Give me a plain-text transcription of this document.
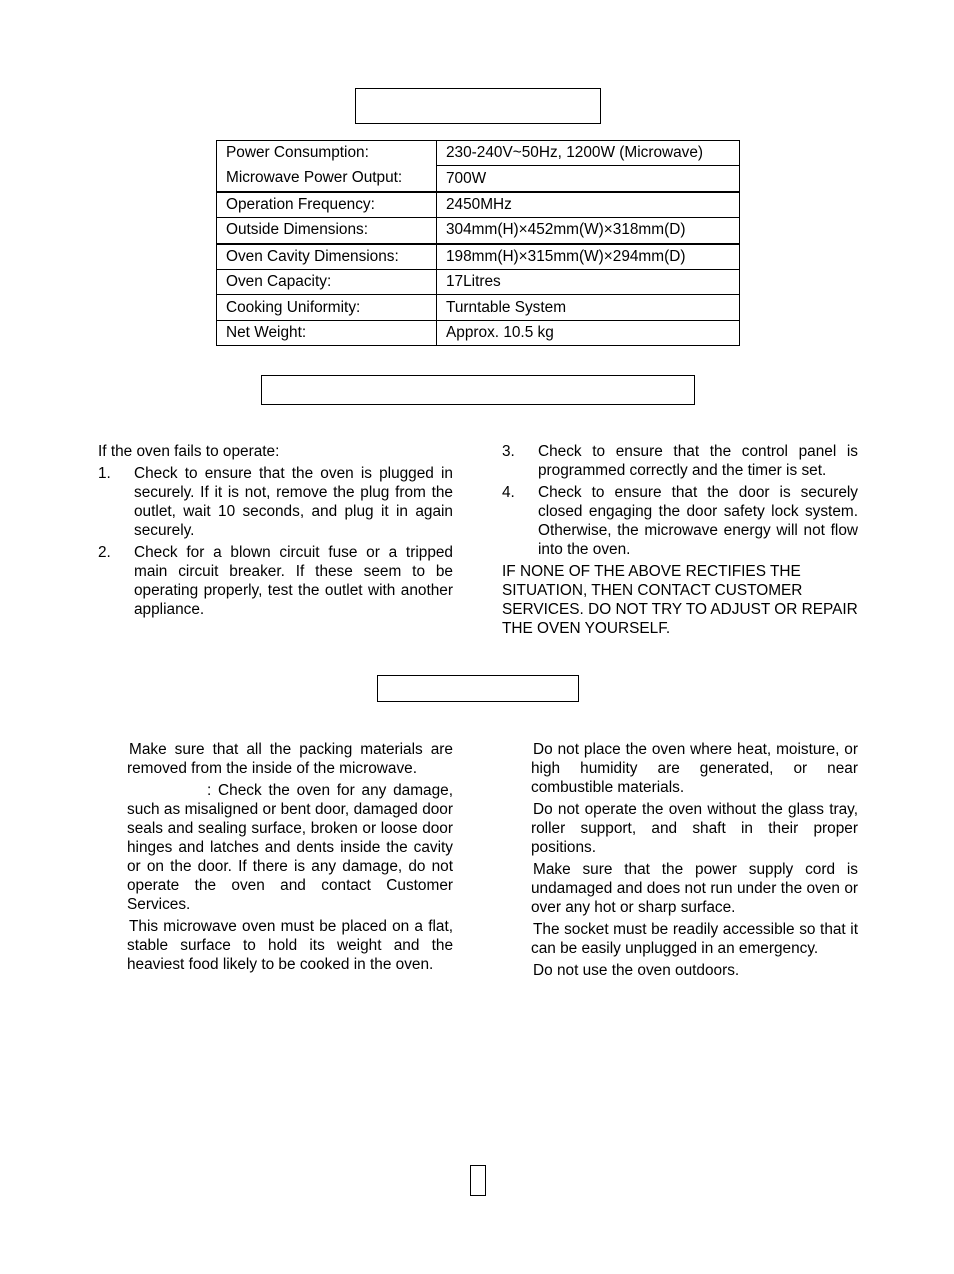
Power Consumption:	230-240V~50Hz, 1200W (Microwave)
Microwave Power Output:	700W
Operation Frequency:	2450MHz
Outside Dimensions:	304mm(H)×452mm(W)×318mm(D)
Oven Cavity Dimensions:	198mm(H)×315mm(W)×294mm(D)
Oven Capacity:	17Litres
Cooking Uniformity:	Turntable System
Net Weight:	Approx. 10.5 kg

If the oven fails to operate:

1. Check to ensure that the oven is plugged in securely. If it is not, remove the plug from the outlet, wait 10 seconds, and plug it in again securely.

2. Check for a blown circuit fuse or a tripped main circuit breaker. If these seem to be operating properly, test the outlet with another appliance.

3. Check to ensure that the control panel is programmed correctly and the timer is set.

4. Check to ensure that the door is securely closed engaging the door safety lock system. Otherwise, the microwave energy will not flow into the oven.

IF NONE OF THE ABOVE RECTIFIES THE SITUATION, THEN CONTACT CUSTOMER SERVICES. DO NOT TRY TO ADJUST OR REPAIR THE OVEN YOURSELF.

Make sure that all the packing materials are removed from the inside of the microwave.

: Check the oven for any damage, such as misaligned or bent door, damaged door seals and sealing surface, broken or loose door hinges and latches and dents inside the cavity or on the door. If there is any damage, do not operate the oven and contact Customer Services.

This microwave oven must be placed on a flat, stable surface to hold its weight and the heaviest food likely to be cooked in the oven.

Do not place the oven where heat, moisture, or high humidity are generated, or near combustible materials.

Do not operate the oven without the glass tray, roller support, and shaft in their proper positions.

Make sure that the power supply cord is undamaged and does not run under the oven or over any hot or sharp surface.

The socket must be readily accessible so that it can be easily unplugged in an emergency.

Do not use the oven outdoors.
